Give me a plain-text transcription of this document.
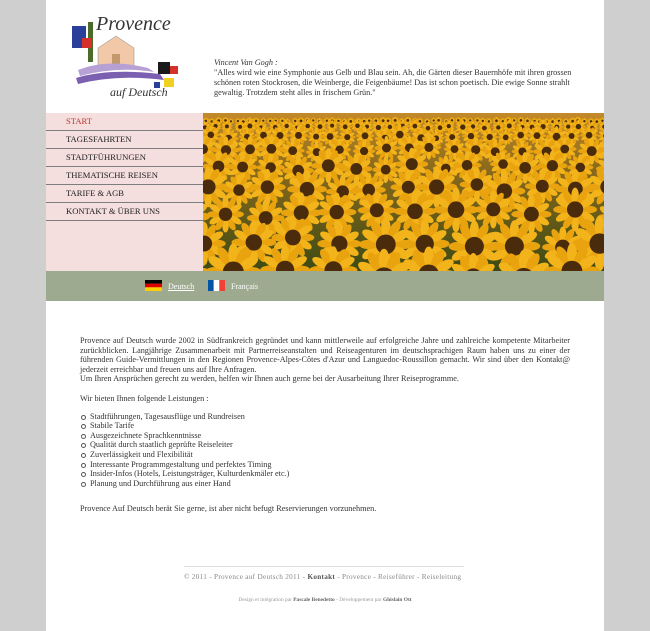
Provence
auf Deutsch
Vincent Van Gogh :
"Alles wird wie eine Symphonie aus Gelb und Blau sein. Ah, die Gärten dieser Bauernhöfe mit ihren grossen schönen roten Stockrosen, die Weinberge, die Feigenbäume! Das ist schon poetisch. Die ewige Sonne strahlt gewaltig. Trotzdem steht alles in frischem Grün."
START
TAGESFAHRTEN
STADTFÜHRUNGEN
THEMATISCHE REISEN
TARIFE & AGB
KONTAKT & ÜBER UNS
Deutsch	Français

Provence auf Deutsch wurde 2002 in Südfrankreich gegründet und kann mittlerweile auf erfolgreiche Jahre und zahlreiche kompetente Mitarbeiter zurückblicken. Langjährige Zusammenarbeit mit Partnerreiseanstalten und Reiseagenturen im deutschsprachigen Raum haben uns zu einer der führenden Guide-Vermittlungen in den Regionen Provence-Alpes-Côtes d'Azur und Languedoc-Roussillon gemacht. Wir sind über den Kontakt@ jederzeit erreichbar und freuen uns auf Ihre Anfragen.

Um Ihren Ansprüchen gerecht zu werden, helfen wir Ihnen auch gerne bei der Ausarbeitung Ihrer Reiseprogramme.

Wir bieten Ihnen folgende Leistungen :

Stadtführungen, Tagesausflüge und Rundreisen
Stabile Tarife
Ausgezeichnete Sprachkenntnisse
Qualität durch staatlich geprüfte Reiseleiter
Zuverlässigkeit und Flexibilität
Interessante Programmgestaltung und perfektes Timing
Insider-Infos (Hotels, Leistungsträger, Kulturdenkmäler etc.)
Planung und Durchführung aus einer Hand

Provence Auf Deutsch berät Sie gerne, ist aber nicht befugt Reservierungen vorzunehmen.

© 2011 - Provence auf Deutsch 2011 - Kontakt - Provence - Reiseführer - Reiseleitung
Design et intégration par Pascale Benedetto - Développement par Ghislain Ott
